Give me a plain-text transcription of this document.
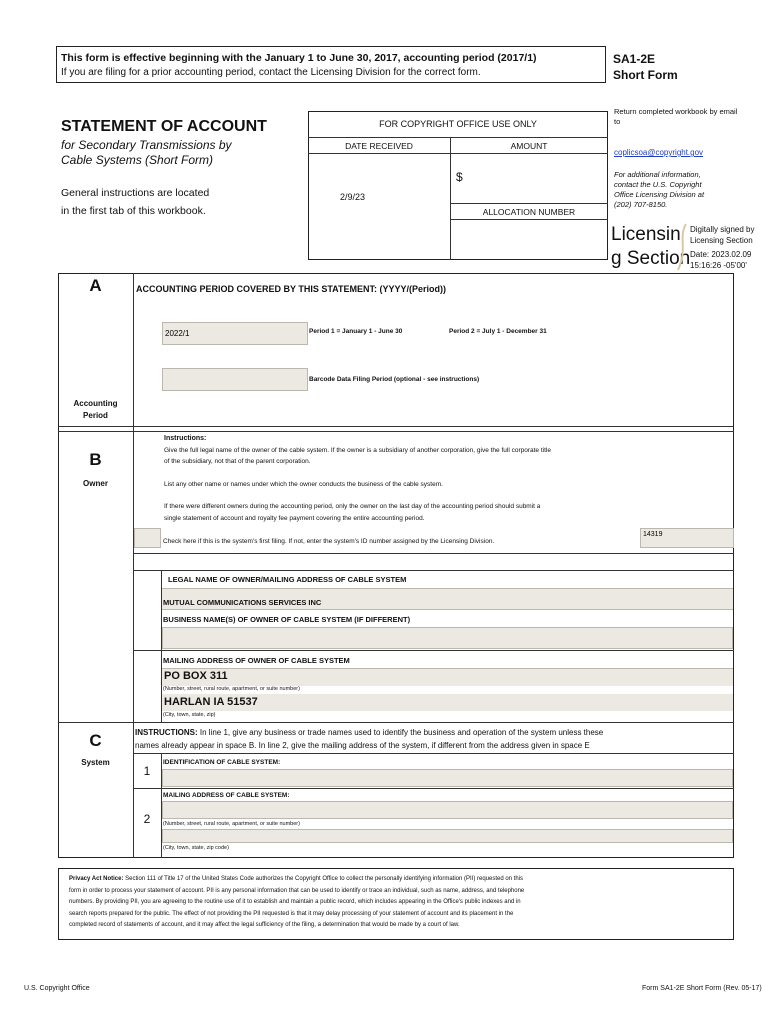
This form is effective beginning with the January 1 to June 30, 2017, accounting period (2017/1)
If you are filing for a prior accounting period, contact the Licensing Division for the correct form.
SA1-2E
Short Form
STATEMENT OF ACCOUNT
for Secondary Transmissions by
Cable Systems (Short Form)
General instructions are located
in the first tab of this workbook.
FOR COPYRIGHT OFFICE USE ONLY
DATE RECEIVED	AMOUNT
2/9/23
$
ALLOCATION NUMBER
Return completed workbook by email to
coplicsoa@copyright.gov
For additional information,
contact the U.S. Copyright
Office Licensing Division at
(202) 707-8150.
Licensin
g Section
Digitally signed by
Licensing Section
Date: 2023.02.09
15:16:26 -05'00'
A
Accounting
Period
ACCOUNTING PERIOD COVERED BY THIS STATEMENT: (YYYY/(Period))
2022/1
Period 1 = January 1 - June 30	Period 2 = July 1 - December 31
Barcode Data Filing Period (optional - see instructions)
B
Owner
Instructions:
Give the full legal name of the owner of the cable system. If the owner is a subsidiary of another corporation, give the full corporate title
of the subsidiary, not that of the parent corporation.
List any other name or names under which the owner conducts the business of the cable system.
If there were different owners during the accounting period, only the owner on the last day of the accounting period should submit a
single statement of account and royalty fee payment covering the entire accounting period.
Check here if this is the system's first filing. If not, enter the system's ID number assigned by the Licensing Division.
14319
LEGAL NAME OF OWNER/MAILING ADDRESS OF CABLE SYSTEM
MUTUAL COMMUNICATIONS SERVICES INC
BUSINESS NAME(S) OF OWNER OF CABLE SYSTEM (IF DIFFERENT)
MAILING ADDRESS OF OWNER OF CABLE SYSTEM
PO BOX 311
(Number, street, rural route, apartment, or suite number)
HARLAN IA 51537
(City, town, state, zip)
C
System
INSTRUCTIONS: In line 1, give any business or trade names used to identify the business and operation of the system unless these
names already appear in space B. In line 2, give the mailing address of the system, if different from the address given in space E
1
IDENTIFICATION OF CABLE SYSTEM:
2
MAILING ADDRESS OF CABLE SYSTEM:
(Number, street, rural route, apartment, or suite number)
(City, town, state, zip code)
Privacy Act Notice: Section 111 of Title 17 of the United States Code authorizes the Copyright Office to collect the personally identifying information (PII) requested on this
form in order to process your statement of account. PII is any personal information that can be used to identify or trace an individual, such as name, address, and telephone
numbers. By providing PII, you are agreeing to the routine use of it to establish and maintain a public record, which includes appearing in the Office's public indexes and in
search reports prepared for the public. The effect of not providing the PII requested is that it may delay processing of your statement of account and its placement in the
completed record of statements of account, and it may affect the legal sufficiency of the filing, a determination that would be made by a court of law.
U.S. Copyright Office	Form SA1-2E Short Form (Rev. 05-17)
